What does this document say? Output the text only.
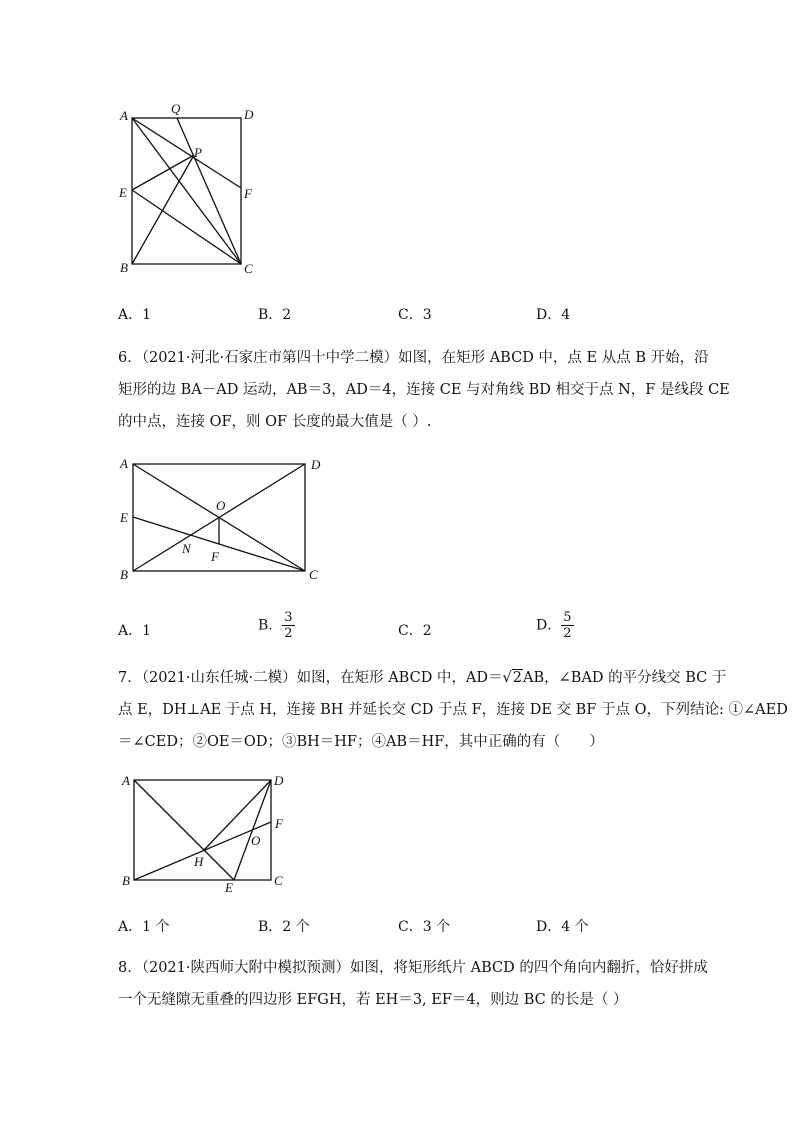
A	Q	D
P
E	F
B	C
A．1	B．2	C．3	D．4
6．（2021·河北·石家庄市第四十中学二模）如图，在矩形 ABCD 中，点 E 从点 B 开始，沿
矩形的边 BA－AD 运动，AB＝3，AD＝4，连接 CE 与对角线 BD 相交于点 N，F 是线段 CE
的中点，连接 OF，则 OF 长度的最大值是（ ）.
A	D
O
E
N
F
B	C
A．1	B． $\frac{3}{2}$	C．2	D． $\frac{5}{2}$
7．（2021·山东任城·二模）如图，在矩形 ABCD 中，AD＝√2AB，∠BAD 的平分线交 BC 于
点 E，DH⊥AE 于点 H，连接 BH 并延长交 CD 于点 F，连接 DE 交 BF 于点 O，下列结论: ①∠AED
＝∠CED；②OE＝OD；③BH＝HF；④AB＝HF，其中正确的有（　　）
A	D
F
O
H
B	E	C
A．1 个	B．2 个	C．3 个	D．4 个
8．（2021·陕西师大附中模拟预测）如图，将矩形纸片 ABCD 的四个角向内翻折，恰好拼成
一个无缝隙无重叠的四边形 EFGH，若 EH＝3, EF＝4，则边 BC 的长是（ ）
